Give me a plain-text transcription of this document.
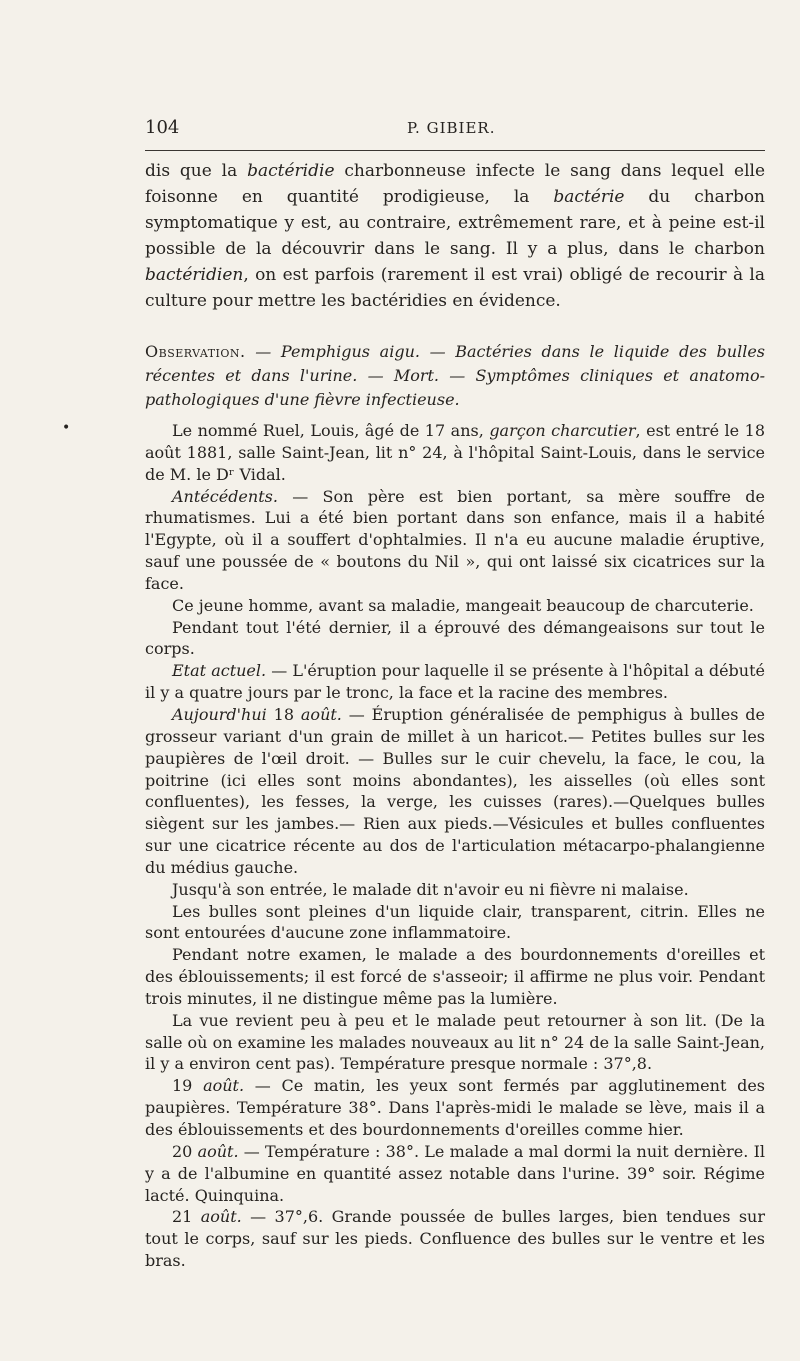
104	P. GIBIER.

dis que la bactéridie charbonneuse infecte le sang dans lequel elle foisonne en quantité prodigieuse, la bactérie du charbon symptomatique y est, au contraire, extrêmement rare, et à peine est-il possible de la découvrir dans le sang. Il y a plus, dans le charbon bactéridien, on est parfois (rarement il est vrai) obligé de recourir à la culture pour mettre les bactéridies en évidence.

Observation. — Pemphigus aigu. — Bactéries dans le liquide des bulles récentes et dans l'urine. — Mort. — Symptômes cliniques et anatomo-pathologiques d'une fièvre infectieuse.
•	Le nommé Ruel, Louis, âgé de 17 ans, garçon charcutier, est entré le 18 août 1881, salle Saint-Jean, lit n° 24, à l'hôpital Saint-Louis, dans le service de M. le Dʳ Vidal.

Antécédents. — Son père est bien portant, sa mère souffre de rhumatismes. Lui a été bien portant dans son enfance, mais il a habité l'Egypte, où il a souffert d'ophtalmies. Il n'a eu aucune maladie éruptive, sauf une poussée de « boutons du Nil », qui ont laissé six cicatrices sur la face.

Ce jeune homme, avant sa maladie, mangeait beaucoup de charcuterie.

Pendant tout l'été dernier, il a éprouvé des démangeaisons sur tout le corps.

Etat actuel. — L'éruption pour laquelle il se présente à l'hôpital a débuté il y a quatre jours par le tronc, la face et la racine des membres.

Aujourd'hui 18 août. — Éruption généralisée de pemphigus à bulles de grosseur variant d'un grain de millet à un haricot.— Petites bulles sur les paupières de l'œil droit. — Bulles sur le cuir chevelu, la face, le cou, la poitrine (ici elles sont moins abondantes), les aisselles (où elles sont confluentes), les fesses, la verge, les cuisses (rares).—Quelques bulles siègent sur les jambes.— Rien aux pieds.—Vésicules et bulles confluentes sur une cicatrice récente au dos de l'articulation métacarpo-phalangienne du médius gauche.

Jusqu'à son entrée, le malade dit n'avoir eu ni fièvre ni malaise.

Les bulles sont pleines d'un liquide clair, transparent, citrin. Elles ne sont entourées d'aucune zone inflammatoire.

Pendant notre examen, le malade a des bourdonnements d'oreilles et des éblouissements; il est forcé de s'asseoir; il affirme ne plus voir. Pendant trois minutes, il ne distingue même pas la lumière.

La vue revient peu à peu et le malade peut retourner à son lit. (De la salle où on examine les malades nouveaux au lit n° 24 de la salle Saint-Jean, il y a environ cent pas). Température presque normale : 37°,8.

19 août. — Ce matin, les yeux sont fermés par agglutinement des paupières. Température 38°. Dans l'après-midi le malade se lève, mais il a des éblouissements et des bourdonnements d'oreilles comme hier.

20 août. — Température : 38°. Le malade a mal dormi la nuit dernière. Il y a de l'albumine en quantité assez notable dans l'urine. 39° soir. Régime lacté. Quinquina.

21 août. — 37°,6. Grande poussée de bulles larges, bien tendues sur tout le corps, sauf sur les pieds. Confluence des bulles sur le ventre et les bras.
